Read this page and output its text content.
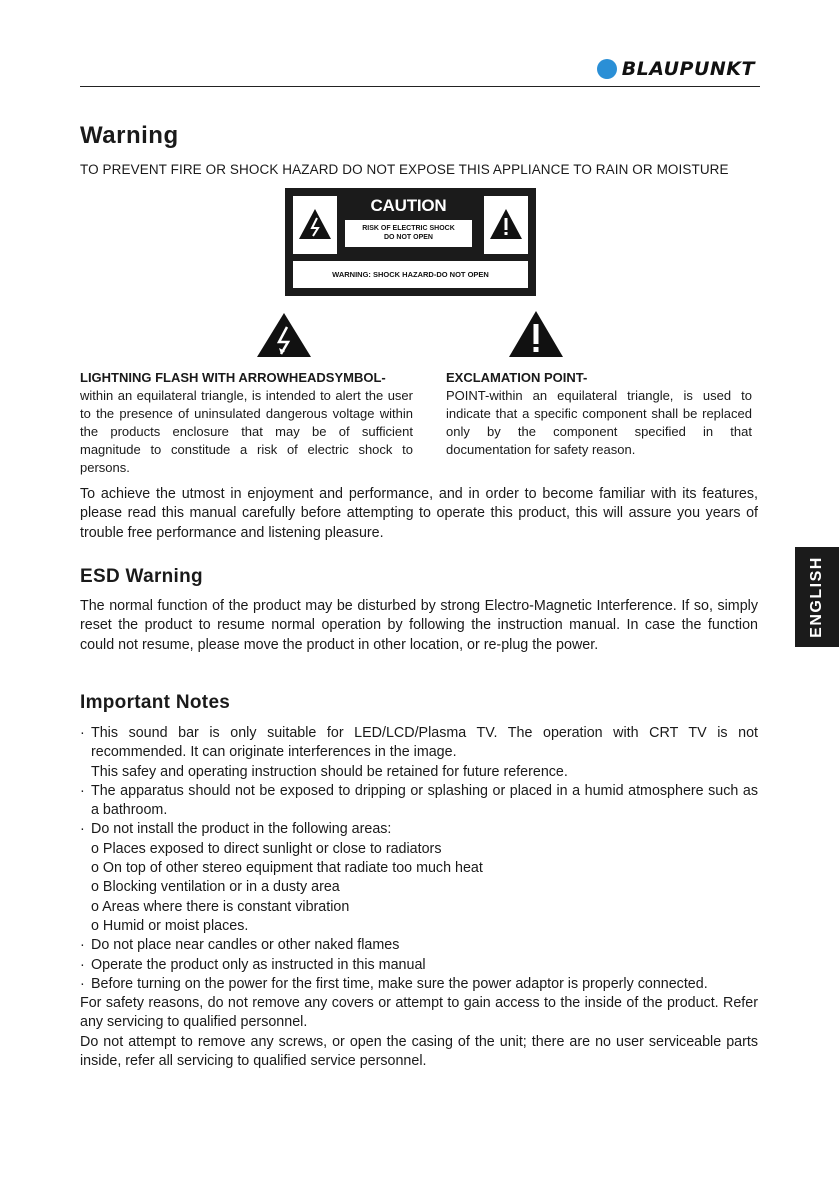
BLAUPUNKT
ENGLISH
Warning
TO PREVENT FIRE OR SHOCK HAZARD DO NOT EXPOSE THIS APPLIANCE TO RAIN OR MOISTURE
CAUTION
RISK OF ELECTRIC SHOCK
DO NOT OPEN
WARNING: SHOCK HAZARD-DO NOT OPEN
LIGHTNING FLASH WITH ARROWHEADSYMBOL-

within an equilateral triangle, is intended to alert the user to the presence of uninsulated dangerous voltage within the products enclosure that may be of sufficient magnitude to constitude a risk of electric shock to persons.

EXCLAMATION POINT-

POINT-within an equilateral triangle, is used to indicate that a specific component shall be replaced only by the component specified in that documentation for safety reason.

To achieve the utmost in enjoyment and performance, and in order to become familiar with its features, please read this manual carefully before attempting to operate this product, this will assure you years of trouble free performance and listening pleasure.

ESD Warning

The normal function of the product may be disturbed by strong Electro-Magnetic Interference. If so, simply reset the product to resume normal operation by following the instruction manual. In case the function could not resume, please move the product in other location, or re-plug the power.

Important Notes
· This sound bar is only suitable for LED/LCD/Plasma TV. The operation with CRT TV is not recommended. It can originate interferences in the image.
This safey and operating instruction should be retained for future reference.
· The apparatus should not be exposed to dripping or splashing or placed in a humid atmosphere such as a bathroom.
· Do not install the product in the following areas:
o Places exposed to direct sunlight or close to radiators
o On top of other stereo equipment that radiate too much heat
o Blocking ventilation or in a dusty area
o Areas where there is constant vibration
o Humid or moist places.
· Do not place near candles or other naked flames
· Operate the product only as instructed in this manual
· Before turning on the power for the first time, make sure the power adaptor is properly connected.
For safety reasons, do not remove any covers or attempt to gain access to the inside of the product. Refer any servicing to qualified personnel.
Do not attempt to remove any screws, or open the casing of the unit; there are no user serviceable parts inside, refer all servicing to qualified service personnel.
